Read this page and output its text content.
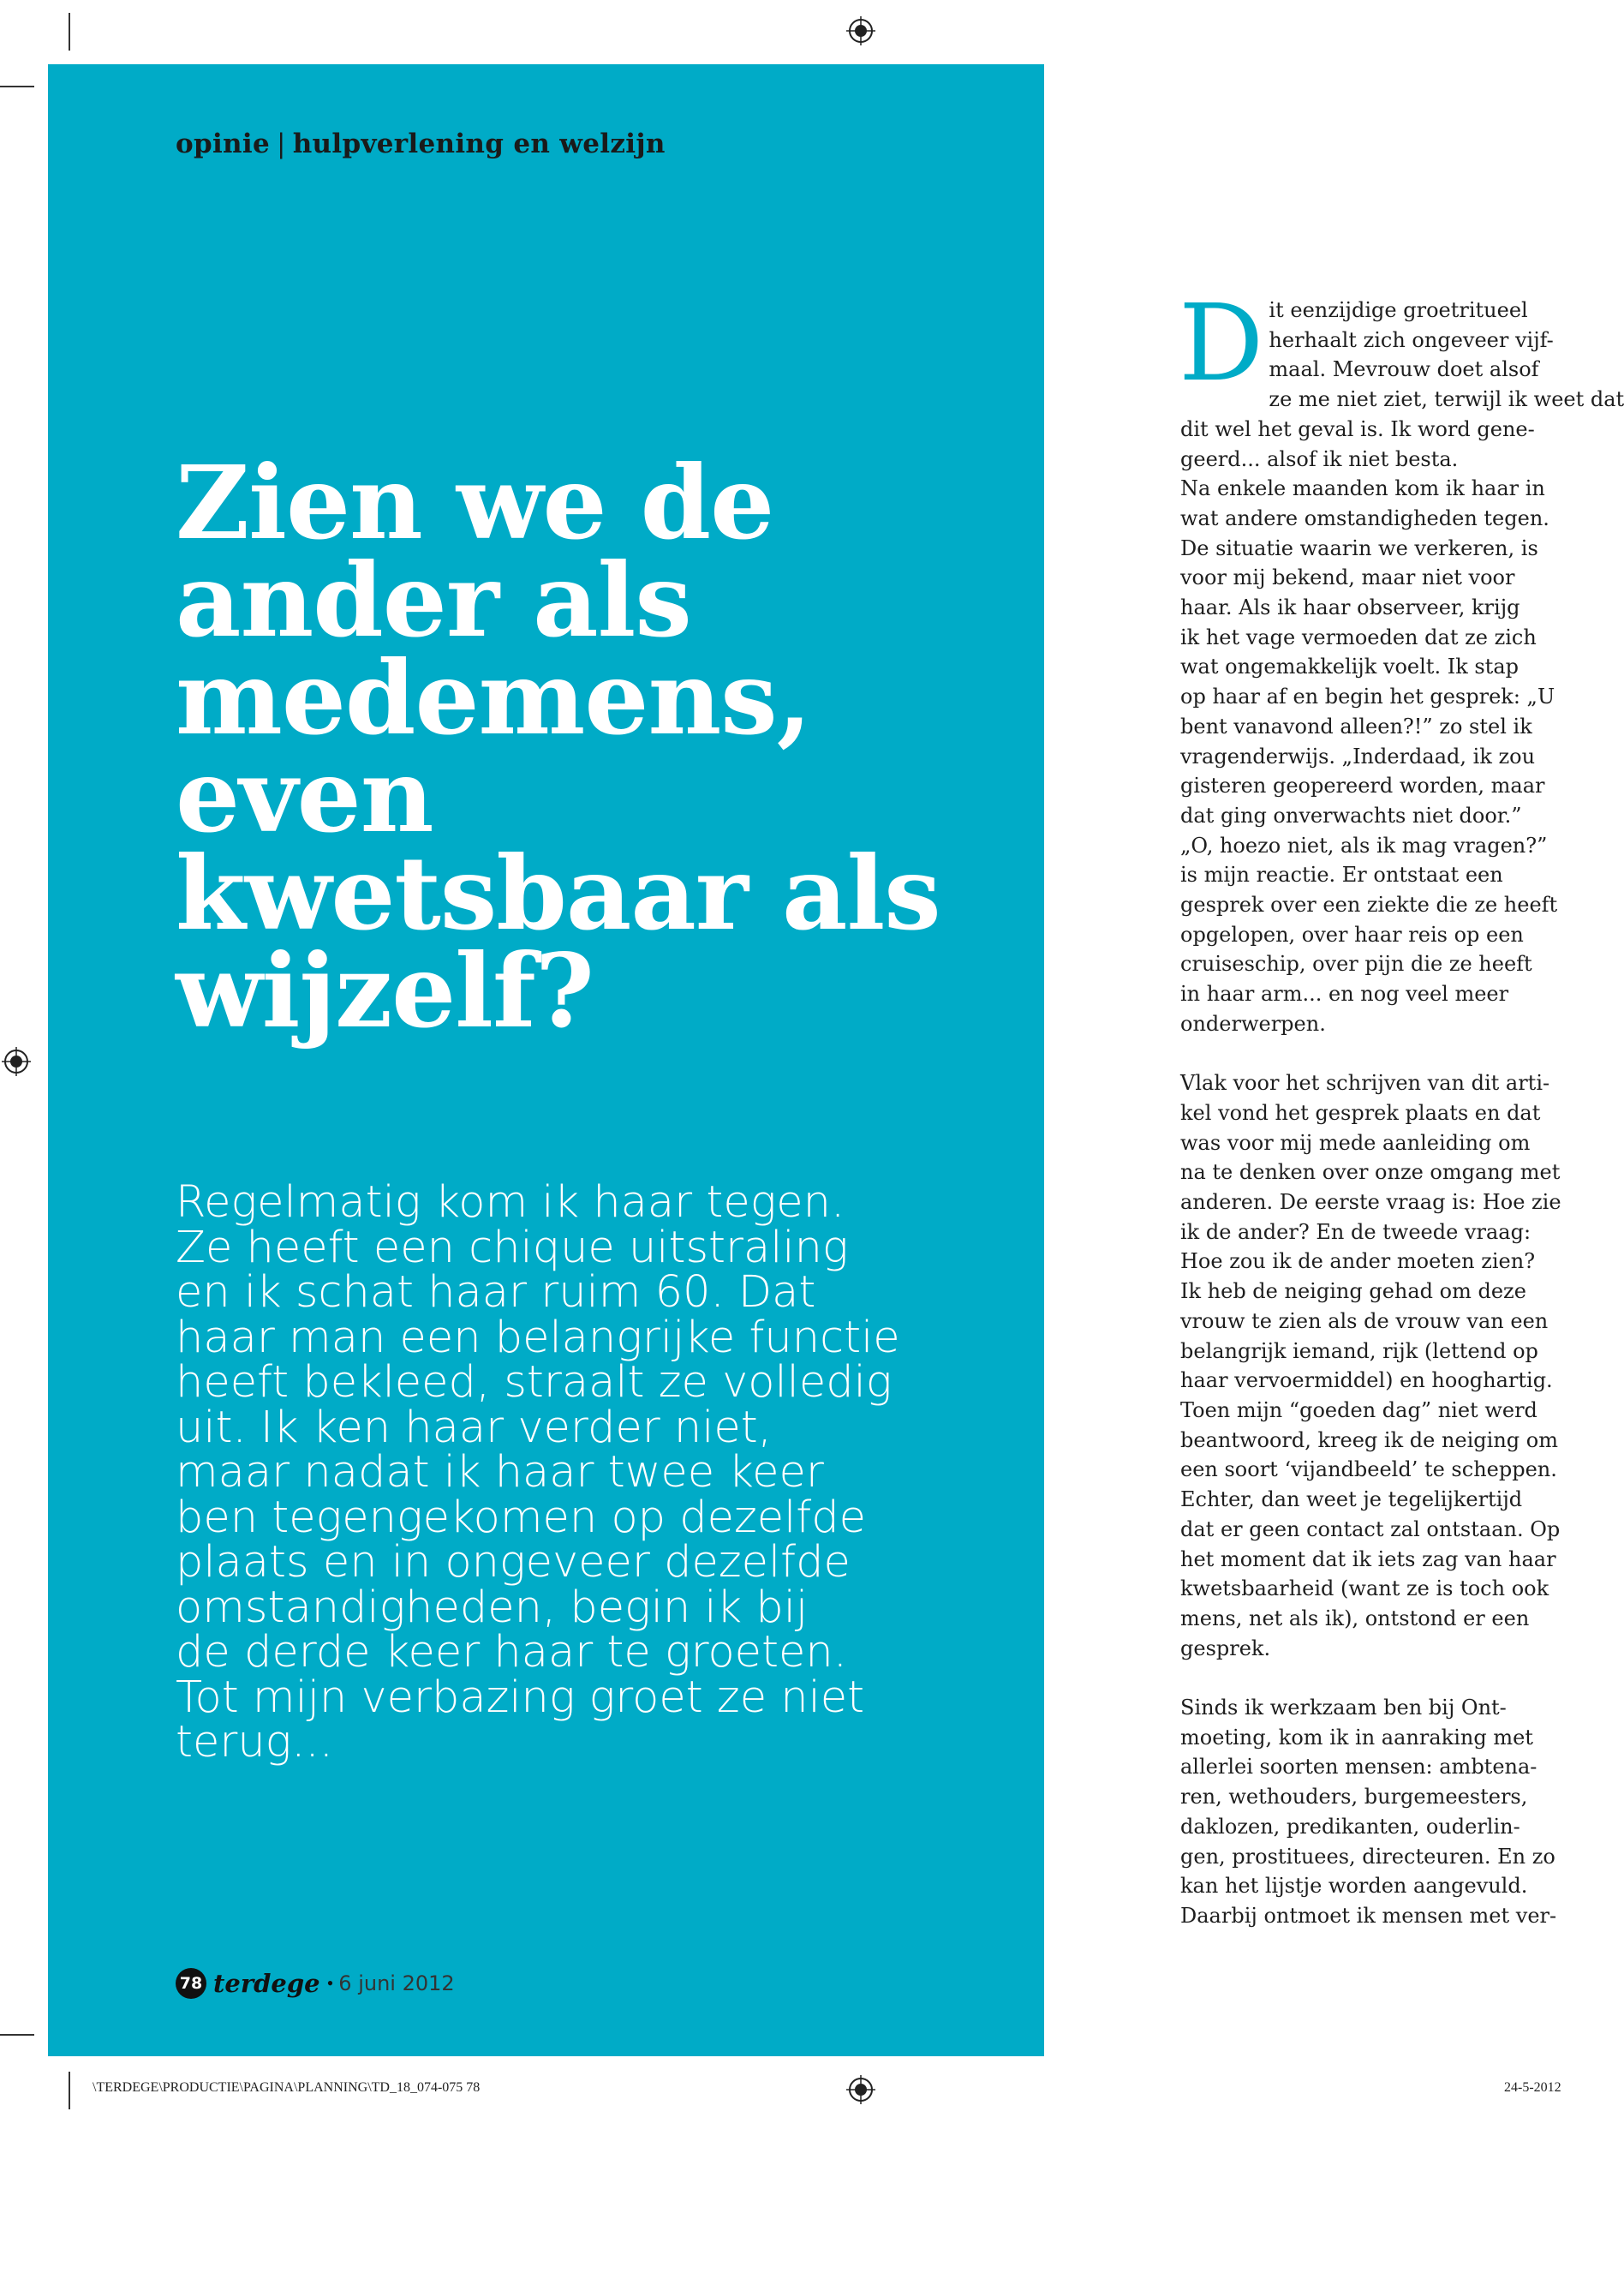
opinie | hulpverlening en welzijn
Zien we de
ander als
medemens,
even
kwetsbaar als
wijzelf?

Regelmatig kom ik haar tegen.
Ze heeft een chique uitstraling
en ik schat haar ruim 60. Dat
haar man een belangrijke functie
heeft bekleed, straalt ze volledig
uit. Ik ken haar verder niet,
maar nadat ik haar twee keer
ben tegengekomen op dezelfde
plaats en in ongeveer dezelfde
omstandigheden, begin ik bij
de derde keer haar te groeten.
Tot mijn verbazing groet ze niet
terug...

78 terdege • 6 juni 2012
D it eenzijdige groetritueel
herhaalt zich ongeveer vijf-
maal. Mevrouw doet alsof
ze me niet ziet, terwijl ik weet dat
dit wel het geval is. Ik word gene-
geerd... alsof ik niet besta.
Na enkele maanden kom ik haar in
wat andere omstandigheden tegen.
De situatie waarin we verkeren, is
voor mij bekend, maar niet voor
haar. Als ik haar observeer, krijg
ik het vage vermoeden dat ze zich
wat ongemakkelijk voelt. Ik stap
op haar af en begin het gesprek: „U
bent vanavond alleen?!” zo stel ik
vragenderwijs. „Inderdaad, ik zou
gisteren geopereerd worden, maar
dat ging onverwachts niet door.”
„O, hoezo niet, als ik mag vragen?”
is mijn reactie. Er ontstaat een
gesprek over een ziekte die ze heeft
opgelopen, over haar reis op een
cruiseschip, over pijn die ze heeft
in haar arm... en nog veel meer
onderwerpen.
Vlak voor het schrijven van dit arti-
kel vond het gesprek plaats en dat
was voor mij mede aanleiding om
na te denken over onze omgang met
anderen. De eerste vraag is: Hoe zie
ik de ander? En de tweede vraag:
Hoe zou ik de ander moeten zien?
Ik heb de neiging gehad om deze
vrouw te zien als de vrouw van een
belangrijk iemand, rijk (lettend op
haar vervoermiddel) en hooghartig.
Toen mijn “goeden dag” niet werd
beantwoord, kreeg ik de neiging om
een soort ‘vijandbeeld’ te scheppen.
Echter, dan weet je tegelijkertijd
dat er geen contact zal ontstaan. Op
het moment dat ik iets zag van haar
kwetsbaarheid (want ze is toch ook
mens, net als ik), ontstond er een
gesprek.
Sinds ik werkzaam ben bij Ont-
moeting, kom ik in aanraking met
allerlei soorten mensen: ambtena-
ren, wethouders, burgemeesters,
daklozen, predikanten, ouderlin-
gen, prostituees, directeuren. En zo
kan het lijstje worden aangevuld.
Daarbij ontmoet ik mensen met ver-
\TERDEGE\PRODUCTIE\PAGINA\PLANNING\TD_18_074-075 78	24-5-2012
